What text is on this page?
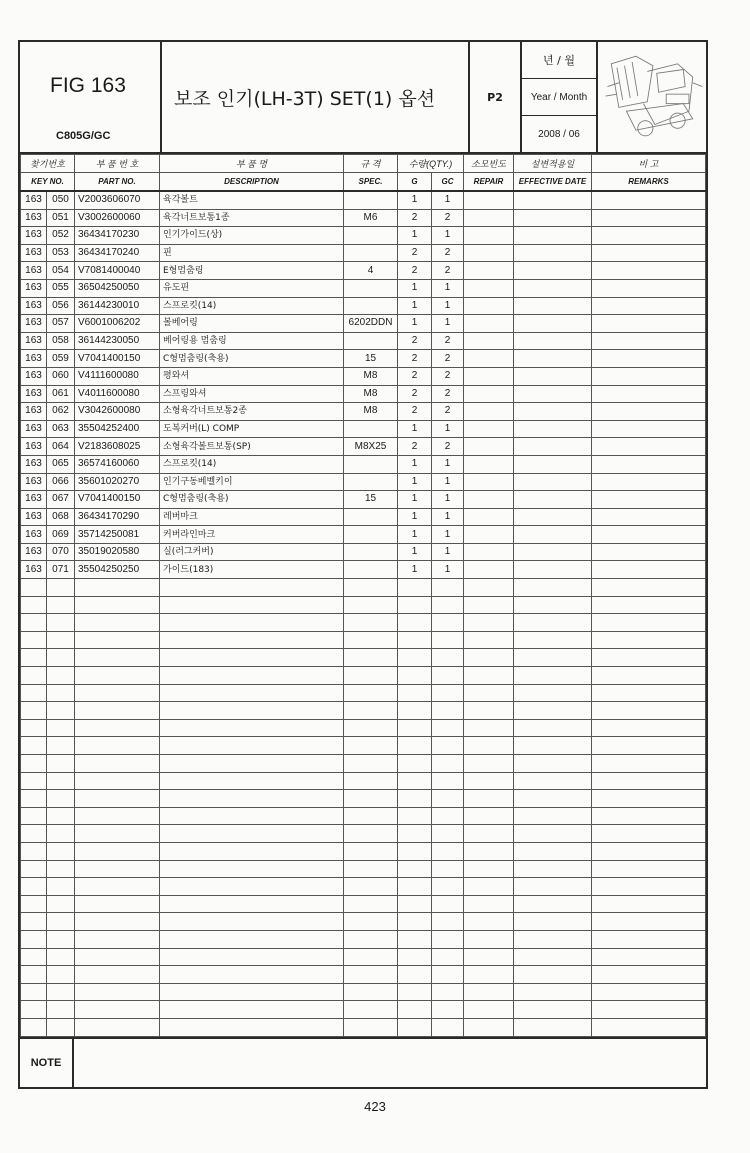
FIG 163
C805G/GC
보조 인기(LH-3T) SET(1) 옵션	P2
년 / 월
Year / Month
2008 / 06
찾기번호		부 품 번 호	부 품 명	규 격	수량(QTY.)		소모빈도	설변적용일	비 고
KEY NO.		PART NO.	DESCRIPTION	SPEC.	G	GC	REPAIR	EFFECTIVE DATE	REMARKS
163	050	V2003606070	육각볼트		1	1			
163	051	V3002600060	육각너트보통1종	M6	2	2			
163	052	36434170230	인기가이드(상)		1	1			
163	053	36434170240	핀		2	2			
163	054	V7081400040	E형멈춤링	4	2	2			
163	055	36504250050	유도핀		1	1			
163	056	36144230010	스프로킷(14)		1	1			
163	057	V6001006202	볼베어링	6202DDN	1	1			
163	058	36144230050	베어링용 멈춤링		2	2			
163	059	V7041400150	C형멈춤링(축용)	15	2	2			
163	060	V4111600080	평와셔	M8	2	2			
163	061	V4011600080	스프링와셔	M8	2	2			
163	062	V3042600080	소형육각너트보통2종	M8	2	2			
163	063	35504252400	도복커버(L) COMP		1	1			
163	064	V2183608025	소형육각볼트보통(SP)	M8X25	2	2			
163	065	36574160060	스프로킷(14)		1	1			
163	066	35601020270	인기구동베벨키이		1	1			
163	067	V7041400150	C형멈춤링(축용)	15	1	1			
163	068	36434170290	레버마크		1	1			
163	069	35714250081	커버라인마크		1	1			
163	070	35019020580	실(러그커버)		1	1			
163	071	35504250250	가이드(183)		1	1			

NOTE
423
